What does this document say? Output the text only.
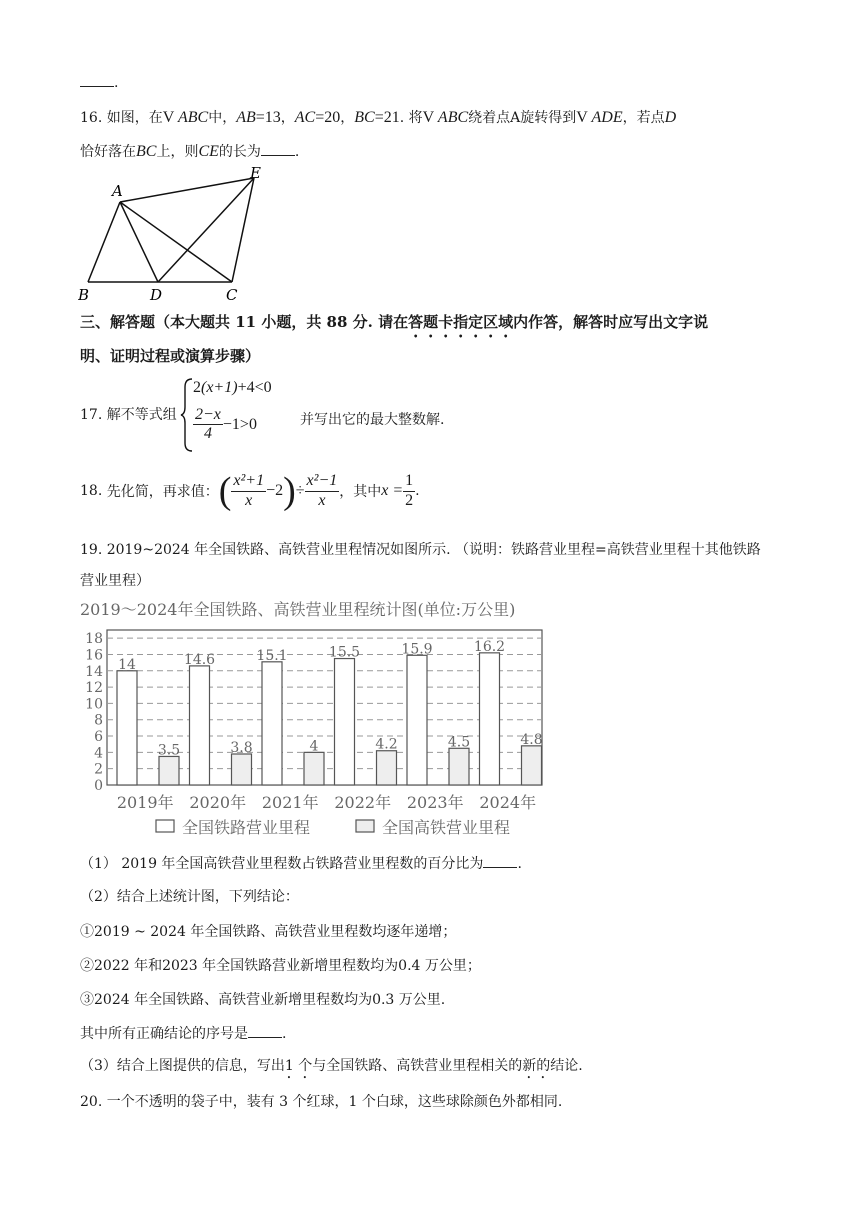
.
16. 如图，在V ABC中，AB=13，AC=20，BC=21. 将V ABC绕着点A旋转得到V ADE，若点D
恰好落在BC上，则CE的长为 .
A
B	D	C
E
三、解答题（本大题共 11 小题，共 88 分. 请在答题卡指定区域内作答，解答时应写出文字说
明、证明过程或演算步骤）
17. 解不等式组
2(x+1)+4<0
$\frac{2-x}{4} -1>0$	并写出它的最大整数解.
18.
先化简，再求值： ( $\frac{\text{x²+1}}{x} -2$ ) ÷ $\frac{\text{x²−1}}{x}$ ，其中 $x = \frac{1}{2}$ .
19. 2019~2024 年全国铁路、高铁营业里程情况如图所示. （说明：铁路营业里程=高铁营业里程十其他铁路
营业里程）
2019～2024年全国铁路、高铁营业里程统计图(单位:万公里)
0
2
4
6
8
10
12
14
16
18
14
3.5
2019年
14.6
3.8
2020年
15.1
4
2021年
15.5
4.2
2022年
15.9
4.5
2023年
16.2
4.8
2024年
全国铁路营业里程	全国高铁营业里程
（1） 2019 年全国高铁营业里程数占铁路营业里程数的百分比为 .
（2）结合上述统计图，下列结论：
①2019 ~ 2024 年全国铁路、高铁营业里程数均逐年递增；
②2022 年和2023 年全国铁路营业新增里程数均为0.4 万公里；
③2024 年全国铁路、高铁营业新增里程数均为0.3 万公里.
其中所有正确结论的序号是 .
（3）结合上图提供的信息，写出1 个与全国铁路、高铁营业里程相关的新的结论.
20. 一个不透明的袋子中，装有 3 个红球，1 个白球，这些球除颜色外都相同.
